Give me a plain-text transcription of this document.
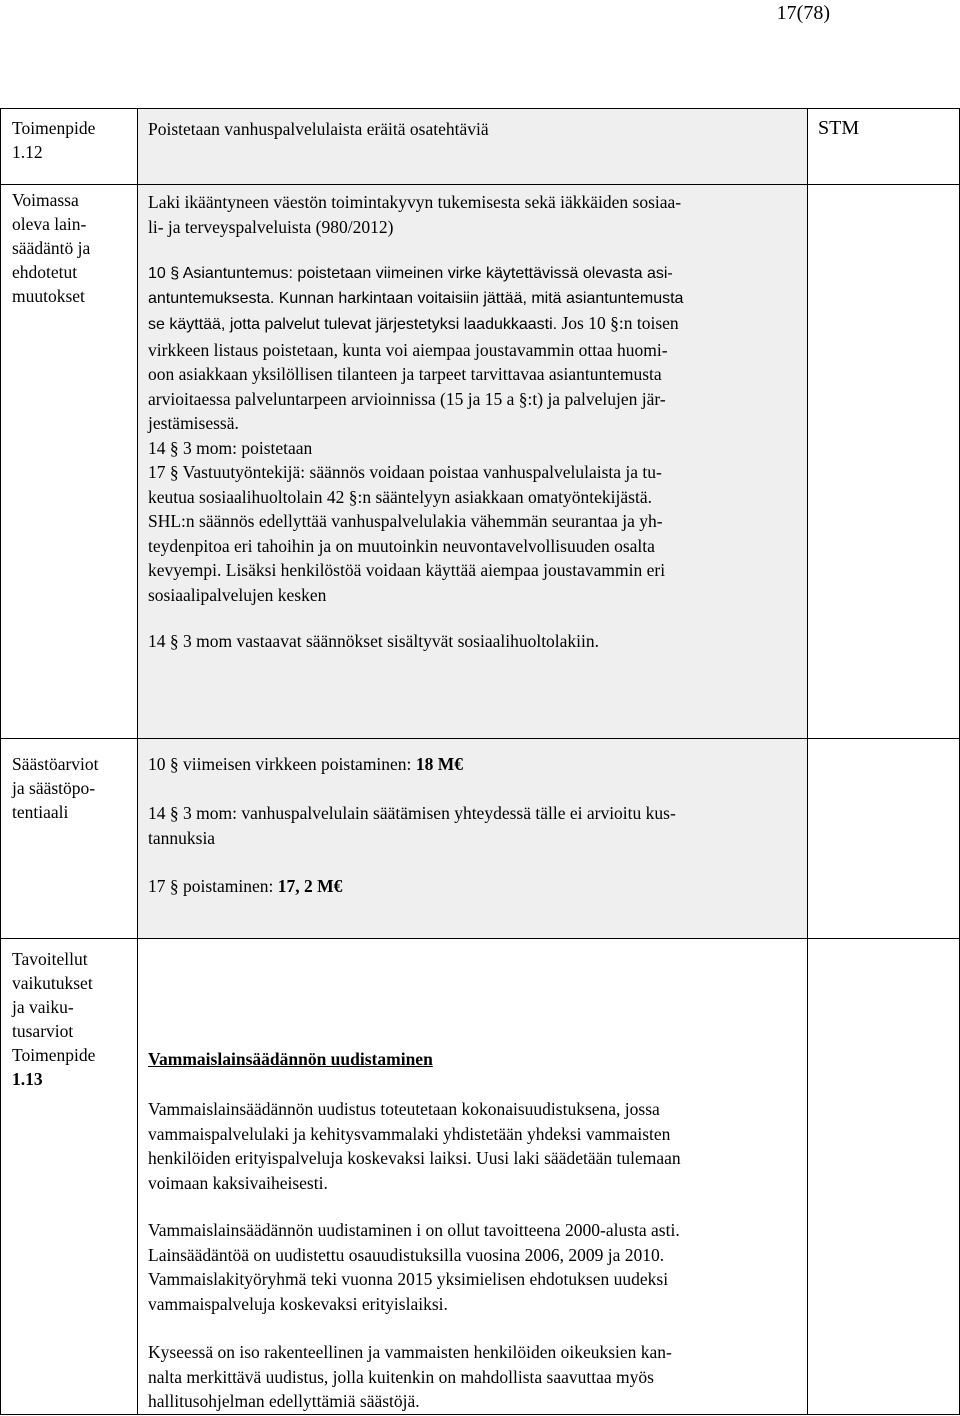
17(78)
Toimenpide
1.12
Poistetaan vanhuspalvelulaista eräitä osatehtäviä	STM
Voimassa
oleva lain-
säädäntö ja
ehdotetut
muutokset
Laki ikääntyneen väestön toimintakyvyn tukemisesta sekä iäkkäiden sosiaa-
li- ja terveyspalveluista (980/2012)
10 § Asiantuntemus: poistetaan viimeinen virke käytettävissä olevasta asi-
antuntemuksesta. Kunnan harkintaan voitaisiin jättää, mitä asiantuntemusta
se käyttää, jotta palvelut tulevat järjestetyksi laadukkaasti. Jos 10 §:n toisen
virkkeen listaus poistetaan, kunta voi aiempaa joustavammin ottaa huomi-
oon asiakkaan yksilöllisen tilanteen ja tarpeet tarvittavaa asiantuntemusta
arvioitaessa palveluntarpeen arvioinnissa (15 ja 15 a §:t) ja palvelujen jär-
jestämisessä.
14 § 3 mom: poistetaan
17 § Vastuutyöntekijä: säännös voidaan poistaa vanhuspalvelulaista ja tu-
keutua sosiaalihuoltolain 42 §:n sääntelyyn asiakkaan omatyöntekijästä.
SHL:n säännös edellyttää vanhuspalvelulakia vähemmän seurantaa ja yh-
teydenpitoa eri tahoihin ja on muutoinkin neuvontavelvollisuuden osalta
kevyempi. Lisäksi henkilöstöä voidaan käyttää aiempaa joustavammin eri
sosiaalipalvelujen kesken
14 § 3 mom vastaavat säännökset sisältyvät sosiaalihuoltolakiin.
Säästöarviot
ja säästöpo-
tentiaali
10 § viimeisen virkkeen poistaminen: 18 M€
14 § 3 mom: vanhuspalvelulain säätämisen yhteydessä tälle ei arvioitu kus-
tannuksia
17 § poistaminen: 17, 2 M€
Tavoitellut
vaikutukset
ja vaiku-
tusarviot
Toimenpide
1.13
Vammaislainsäädännön uudistaminen
Vammaislainsäädännön uudistus toteutetaan kokonaisuudistuksena, jossa
vammaispalvelulaki ja kehitysvammalaki yhdistetään yhdeksi vammaisten
henkilöiden erityispalveluja koskevaksi laiksi. Uusi laki säädetään tulemaan
voimaan kaksivaiheisesti.
Vammaislainsäädännön uudistaminen i on ollut tavoitteena 2000-alusta asti.
Lainsäädäntöä on uudistettu osauudistuksilla vuosina 2006, 2009 ja 2010.
Vammaislakityöryhmä teki vuonna 2015 yksimielisen ehdotuksen uudeksi
vammaispalveluja koskevaksi erityislaiksi.
Kyseessä on iso rakenteellinen ja vammaisten henkilöiden oikeuksien kan-
nalta merkittävä uudistus, jolla kuitenkin on mahdollista saavuttaa myös
hallitusohjelman edellyttämiä säästöjä.
